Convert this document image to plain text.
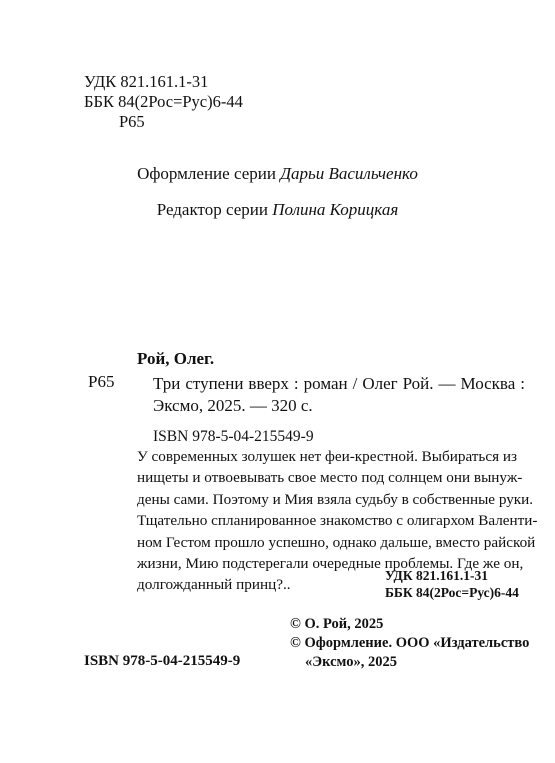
УДК 821.161.1-31
ББК 84(2Рос=Рус)6-44
Р65
Оформление серии Дарьи Васильченко
Редактор серии Полина Корицкая
Рой, Олег.
Р65 Три ступени вверх : роман / Олег Рой. — Москва :
Эксмо, 2025. — 320 с.
ISBN 978-5-04-215549-9
У современных золушек нет феи-крестной. Выбираться из
нищеты и отвоевывать свое место под солнцем они вынуж-
дены сами. Поэтому и Мия взяла судьбу в собственные руки.
Тщательно спланированное знакомство с олигархом Валенти-
ном Гестом прошло успешно, однако дальше, вместо райской
жизни, Мию подстерегали очередные проблемы. Где же он,
долгожданный принц?..
УДК 821.161.1-31
ББК 84(2Рос=Рус)6-44
© О. Рой, 2025
© Оформление. ООО «Издательство
«Эксмо», 2025
ISBN 978-5-04-215549-9
